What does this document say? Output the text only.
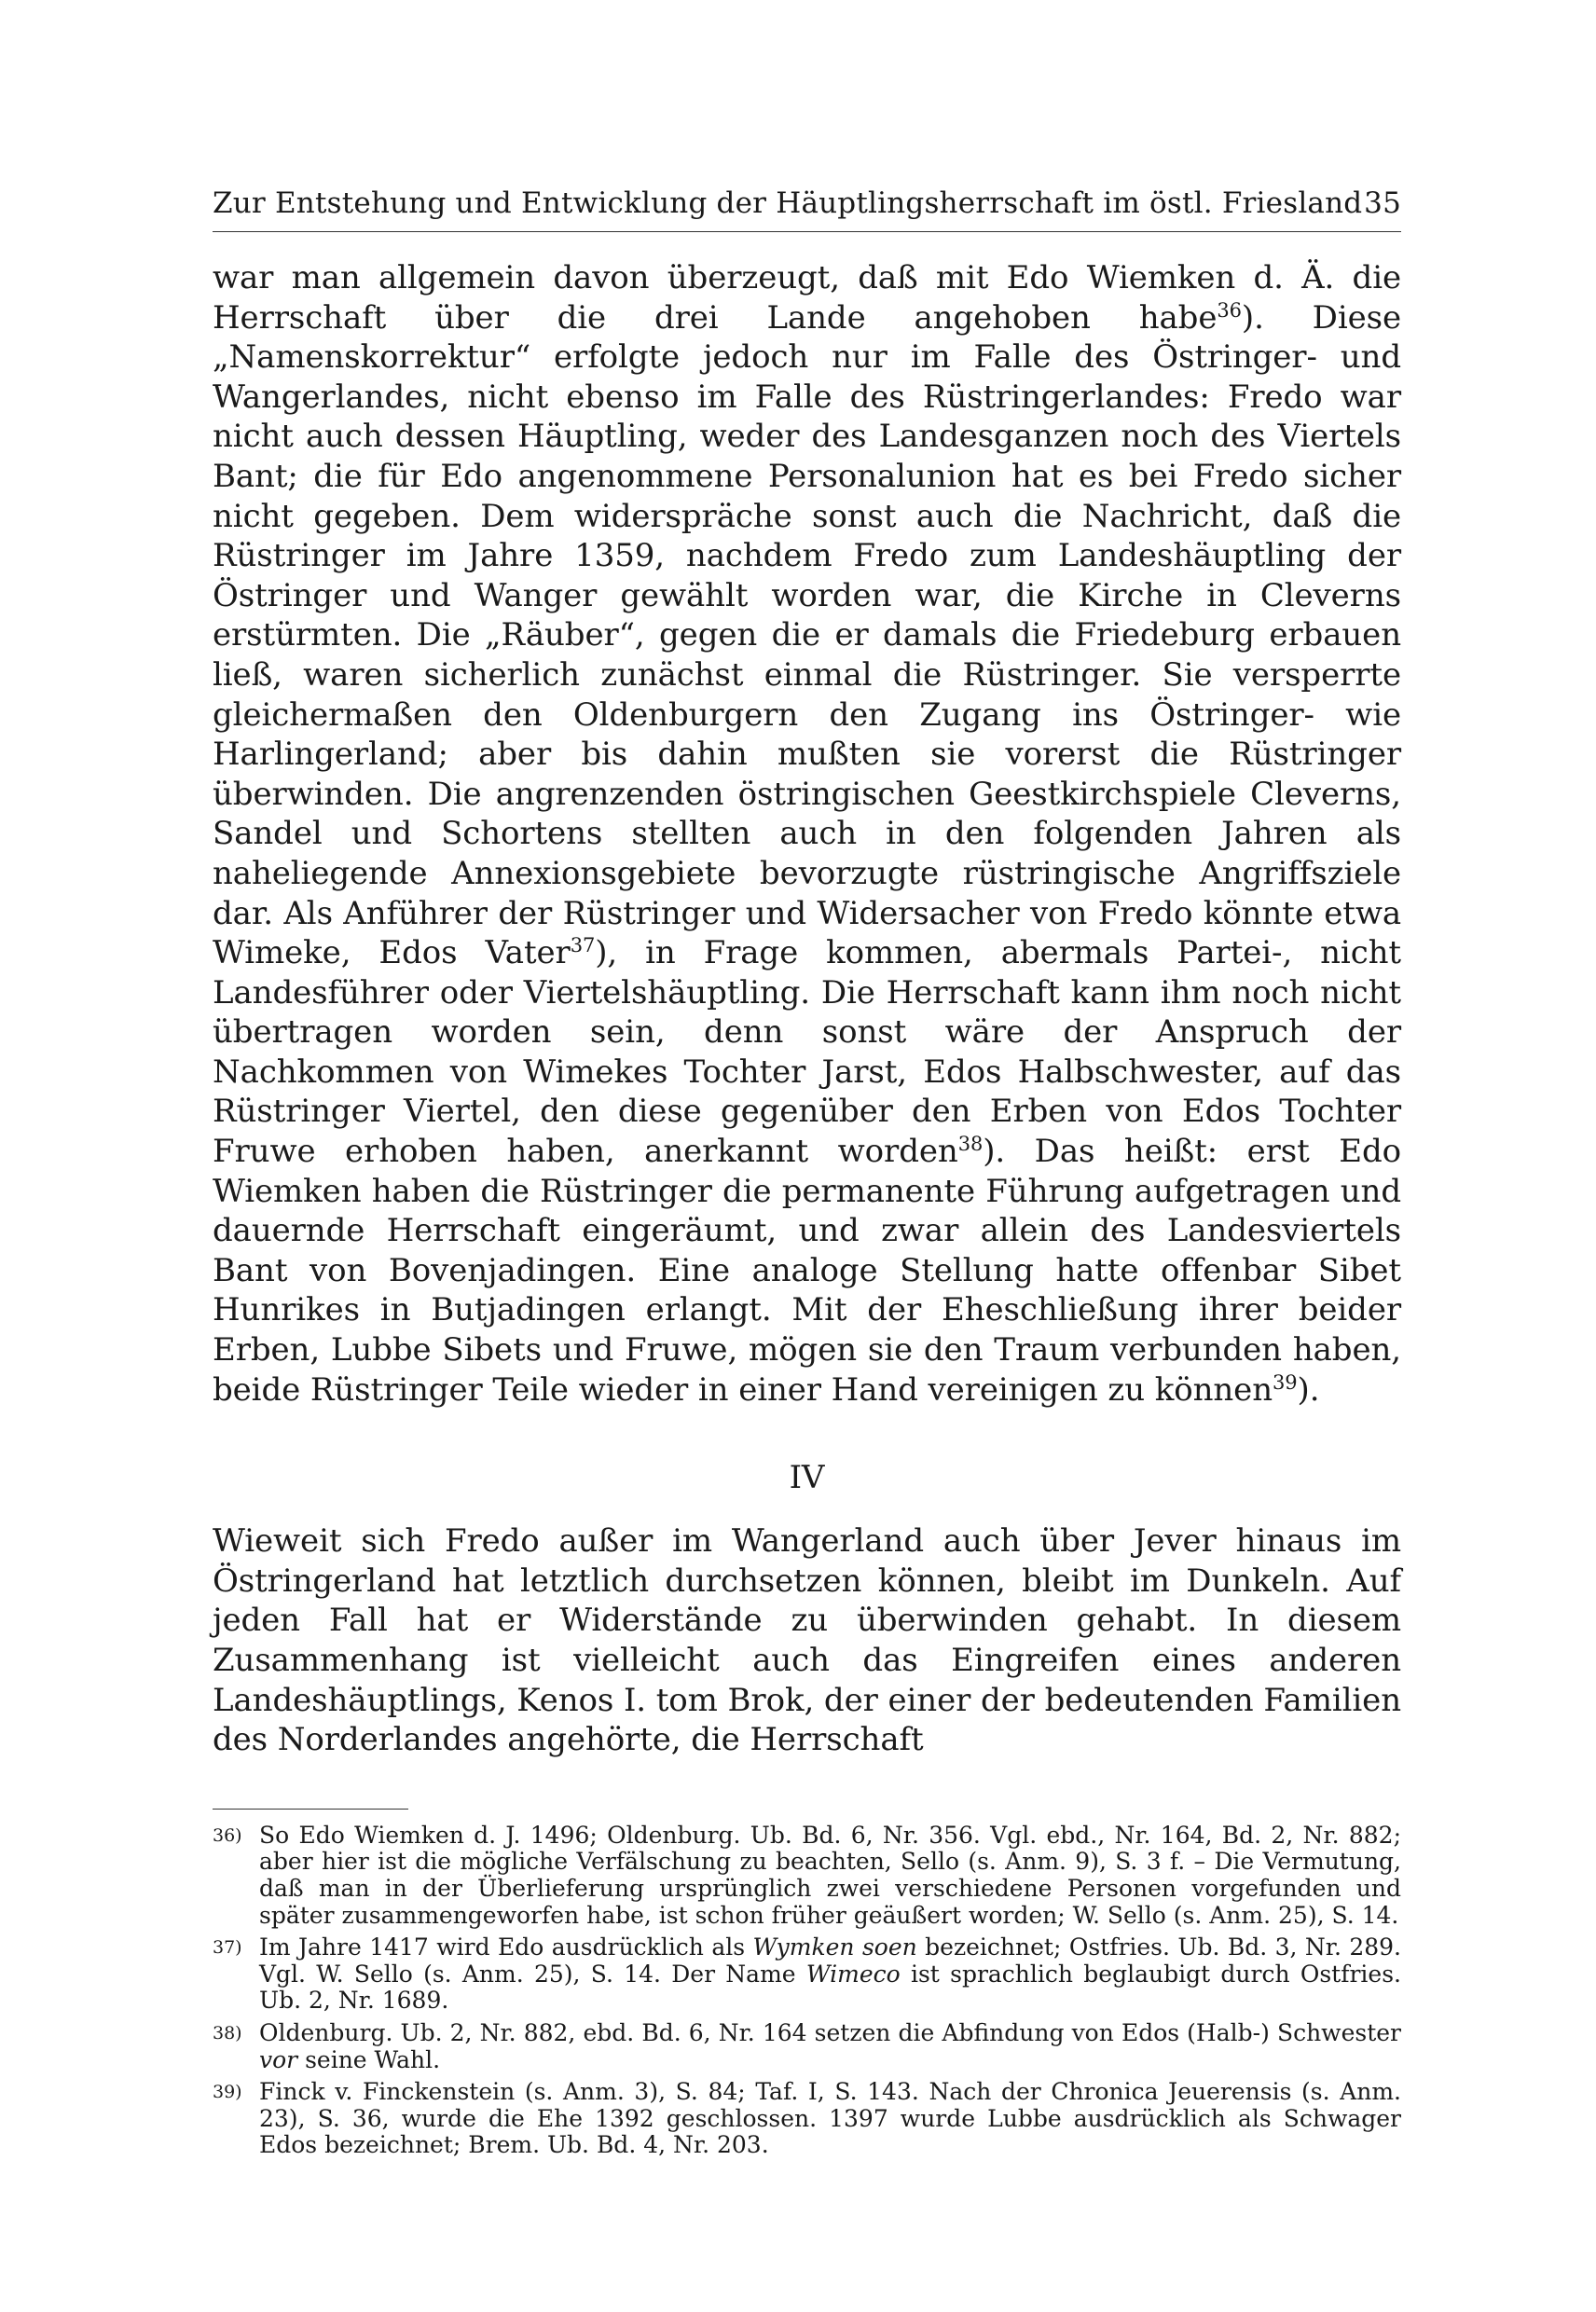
Zur Entstehung und Entwicklung der Häuptlingsherrschaft im östl. Friesland 35

war man allgemein davon überzeugt, daß mit Edo Wiemken d. Ä. die Herrschaft über die drei Lande angehoben habe$^{36}$). Diese „Namenskorrektur“ erfolgte jedoch nur im Falle des Östringer- und Wangerlandes, nicht ebenso im Falle des Rüstringerlandes: Fredo war nicht auch dessen Häuptling, weder des Landesganzen noch des Viertels Bant; die für Edo angenommene Personalunion hat es bei Fredo sicher nicht gegeben. Dem widerspräche sonst auch die Nachricht, daß die Rüstringer im Jahre 1359, nachdem Fredo zum Landeshäuptling der Östringer und Wanger gewählt worden war, die Kirche in Cleverns erstürmten. Die „Räuber“, gegen die er damals die Friedeburg erbauen ließ, waren sicherlich zunächst einmal die Rüstringer. Sie versperrte gleichermaßen den Oldenburgern den Zugang ins Östringer- wie Harlingerland; aber bis dahin mußten sie vorerst die Rüstringer überwinden. Die angrenzenden östringischen Geestkirchspiele Cleverns, Sandel und Schortens stellten auch in den folgenden Jahren als naheliegende Annexionsgebiete bevorzugte rüstringische Angriffsziele dar. Als Anführer der Rüstringer und Widersacher von Fredo könnte etwa Wimeke, Edos Vater$^{37}$), in Frage kommen, abermals Partei-, nicht Landesführer oder Viertelshäuptling. Die Herrschaft kann ihm noch nicht übertragen worden sein, denn sonst wäre der Anspruch der Nachkommen von Wimekes Tochter Jarst, Edos Halbschwester, auf das Rüstringer Viertel, den diese gegenüber den Erben von Edos Tochter Fruwe erhoben haben, anerkannt worden$^{38}$). Das heißt: erst Edo Wiemken haben die Rüstringer die permanente Führung aufgetragen und dauernde Herrschaft eingeräumt, und zwar allein des Landesviertels Bant von Bovenjadingen. Eine analoge Stellung hatte offenbar Sibet Hunrikes in Butjadingen erlangt. Mit der Eheschließung ihrer beider Erben, Lubbe Sibets und Fruwe, mögen sie den Traum verbunden haben, beide Rüstringer Teile wieder in einer Hand vereinigen zu können$^{39}$).

IV

Wieweit sich Fredo außer im Wangerland auch über Jever hinaus im Östringerland hat letztlich durchsetzen können, bleibt im Dunkeln. Auf jeden Fall hat er Widerstände zu überwinden gehabt. In diesem Zusammenhang ist vielleicht auch das Eingreifen eines anderen Landeshäuptlings, Kenos I. tom Brok, der einer der bedeutenden Familien des Norderlandes angehörte, die Herrschaft

36) So Edo Wiemken d. J. 1496; Oldenburg. Ub. Bd. 6, Nr. 356. Vgl. ebd., Nr. 164, Bd. 2, Nr. 882; aber hier ist die mögliche Verfälschung zu beachten, Sello (s. Anm. 9), S. 3 f. – Die Vermutung, daß man in der Überlieferung ursprünglich zwei verschiedene Personen vorgefunden und später zusammengeworfen habe, ist schon früher geäußert worden; W. Sello (s. Anm. 25), S. 14.
37) Im Jahre 1417 wird Edo ausdrücklich als Wymken soen bezeichnet; Ostfries. Ub. Bd. 3, Nr. 289. Vgl. W. Sello (s. Anm. 25), S. 14. Der Name Wimeco ist sprachlich beglaubigt durch Ostfries. Ub. 2, Nr. 1689.
38) Oldenburg. Ub. 2, Nr. 882, ebd. Bd. 6, Nr. 164 setzen die Abfindung von Edos (Halb-) Schwester vor seine Wahl.
39) Finck v. Finckenstein (s. Anm. 3), S. 84; Taf. I, S. 143. Nach der Chronica Jeuerensis (s. Anm. 23), S. 36, wurde die Ehe 1392 geschlossen. 1397 wurde Lubbe ausdrücklich als Schwager Edos bezeichnet; Brem. Ub. Bd. 4, Nr. 203.
